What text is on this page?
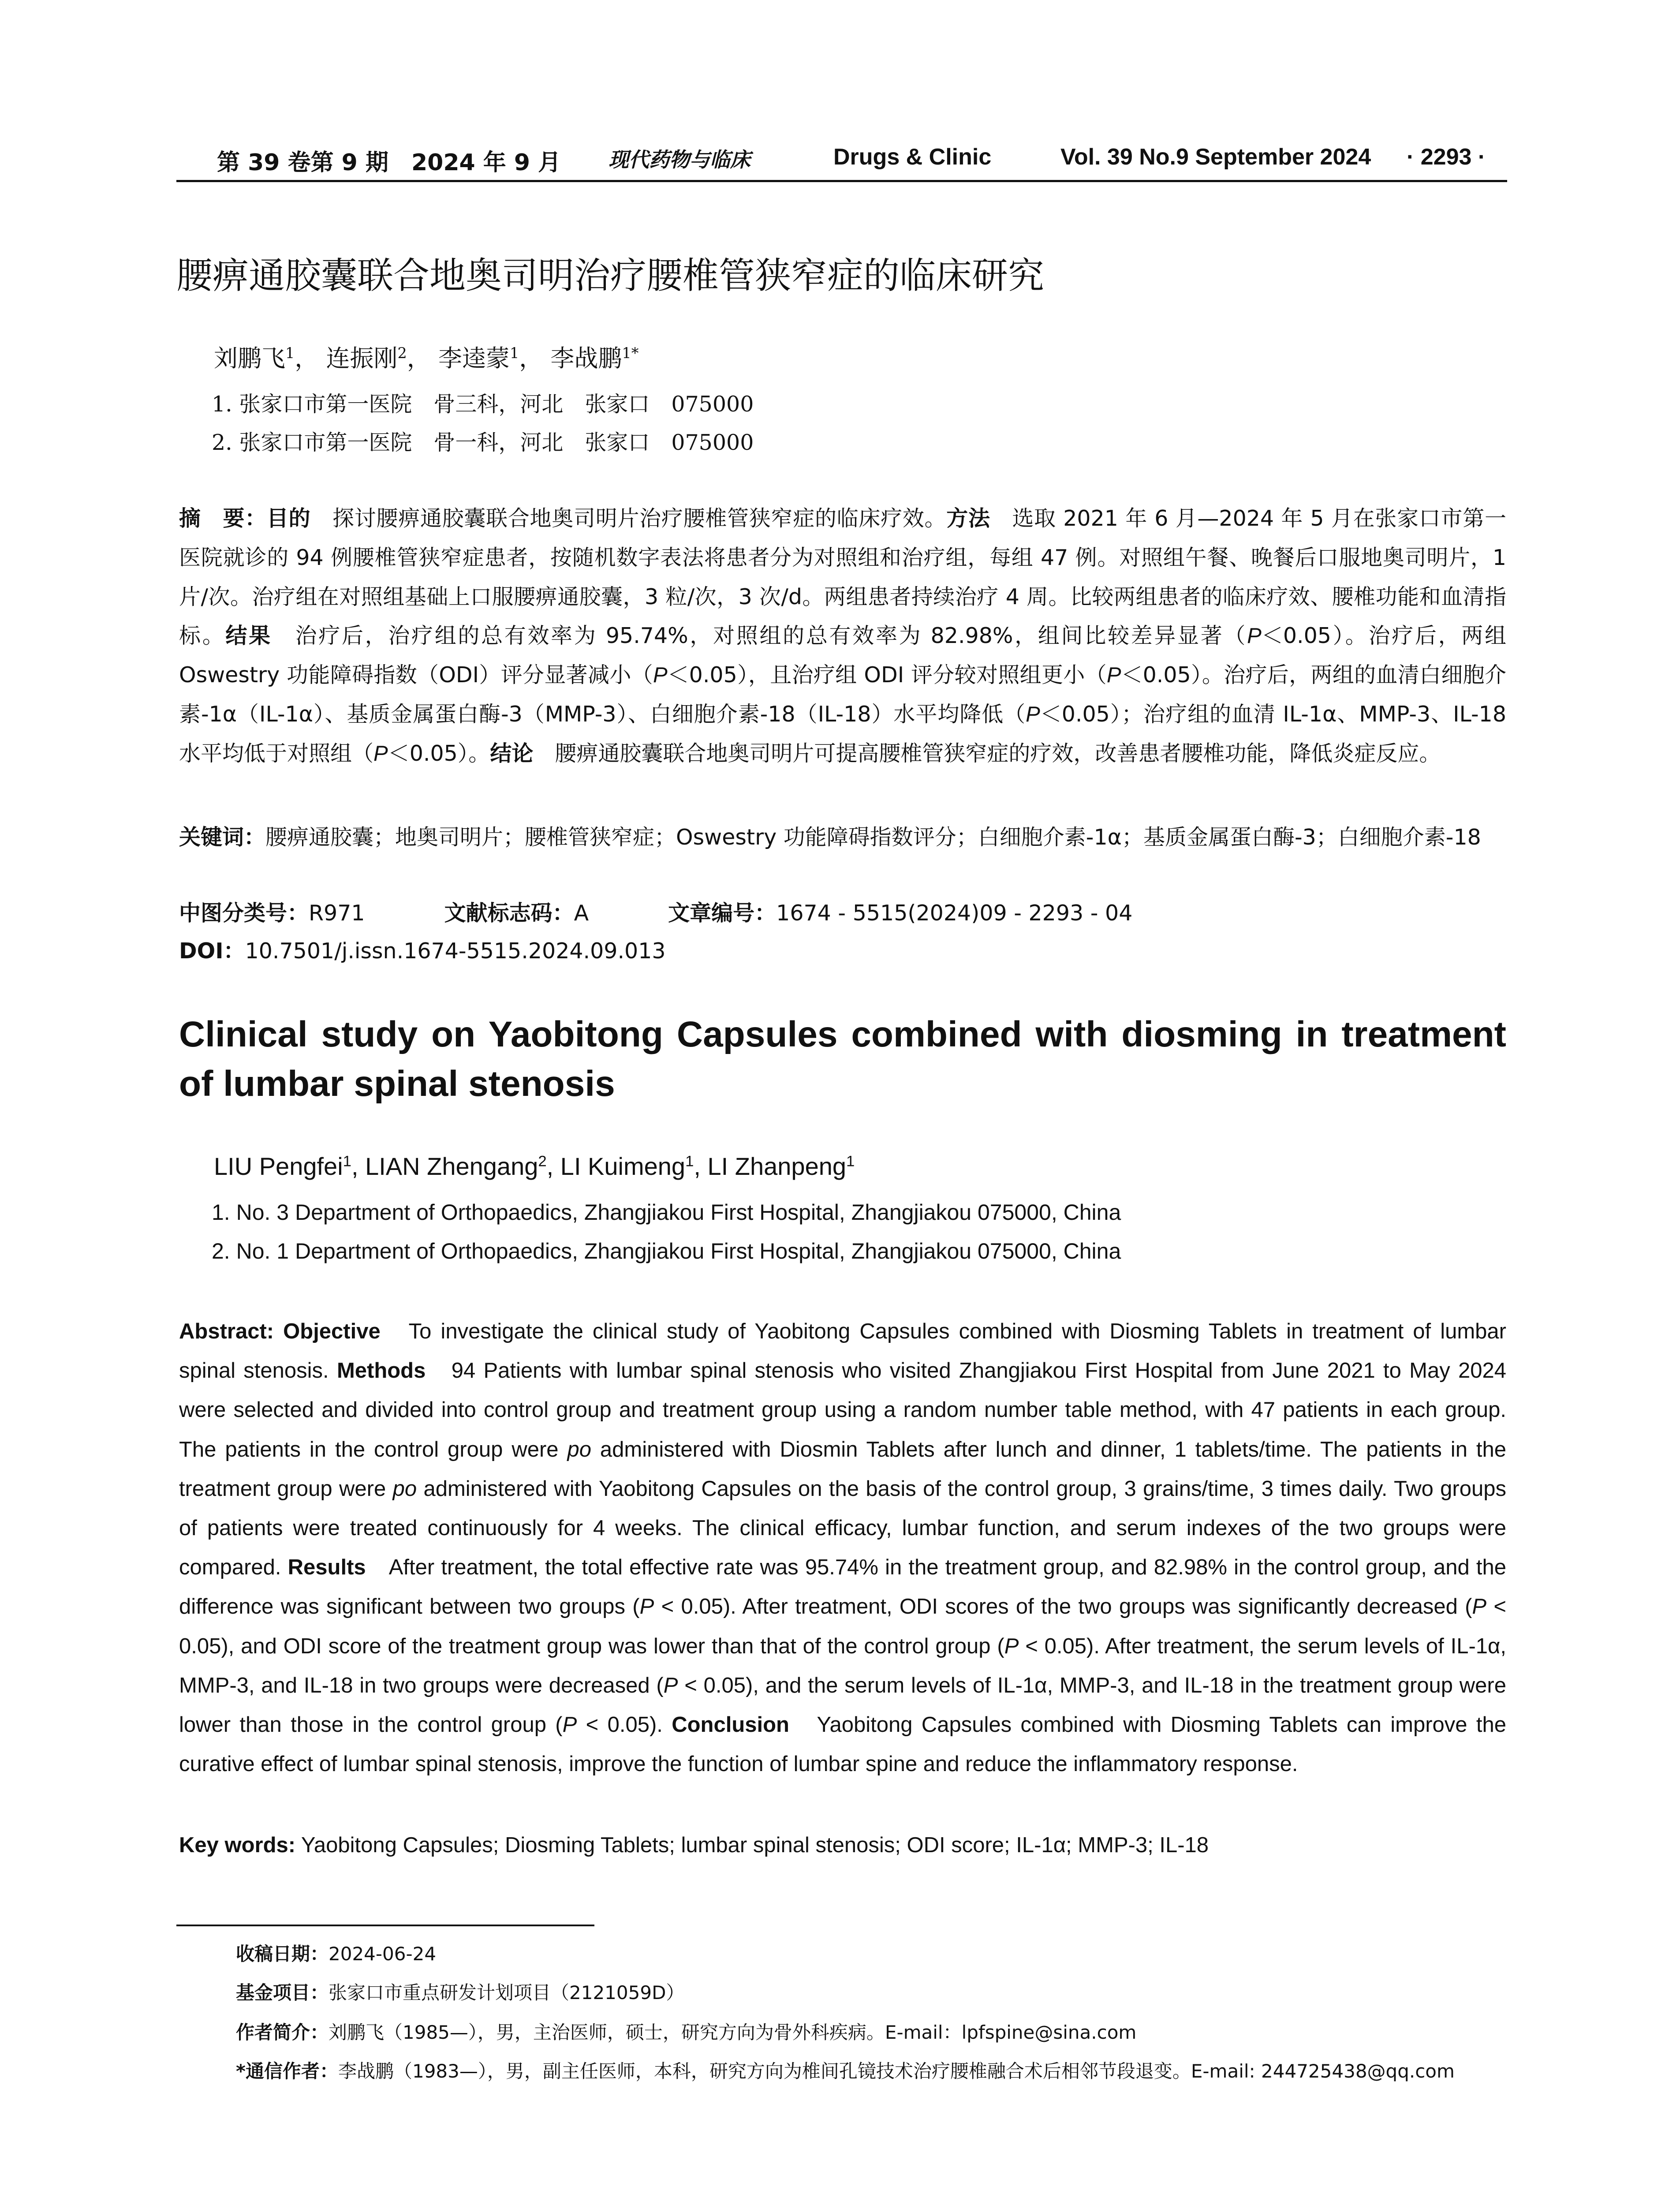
第 39 卷第 9 期　2024 年 9 月 现代药物与临床	Drugs & Clinic	Vol. 39 No.9 September 2024 · 2293 ·
腰痹通胶囊联合地奥司明治疗腰椎管狭窄症的临床研究
刘鹏飞$^1$， 连振刚$^2$， 李逵蒙$^1$， 李战鹏$^{1*}$
1. 张家口市第一医院　骨三科，河北　张家口　075000
2. 张家口市第一医院　骨一科，河北　张家口　075000

摘　要：目的　探讨腰痹通胶囊联合地奥司明片治疗腰椎管狭窄症的临床疗效。方法　选取 2021 年 6 月—2024 年 5 月在张家口市第一医院就诊的 94 例腰椎管狭窄症患者，按随机数字表法将患者分为对照组和治疗组，每组 47 例。对照组午餐、晚餐后口服地奥司明片，1 片/次。治疗组在对照组基础上口服腰痹通胶囊，3 粒/次，3 次/d。两组患者持续治疗 4 周。比较两组患者的临床疗效、腰椎功能和血清指标。结果　治疗后，治疗组的总有效率为 95.74%，对照组的总有效率为 82.98%，组间比较差异显著（P＜0.05）。治疗后，两组 Oswestry 功能障碍指数（ODI）评分显著减小（P＜0.05），且治疗组 ODI 评分较对照组更小（P＜0.05）。治疗后，两组的血清白细胞介素-1α（IL-1α）、基质金属蛋白酶-3（MMP-3）、白细胞介素-18（IL-18）水平均降低（P＜0.05）；治疗组的血清 IL-1α、MMP-3、IL-18 水平均低于对照组（P＜0.05）。结论　腰痹通胶囊联合地奥司明片可提高腰椎管狭窄症的疗效，改善患者腰椎功能，降低炎症反应。

关键词：腰痹通胶囊；地奥司明片；腰椎管狭窄症；Oswestry 功能障碍指数评分；白细胞介素-1α；基质金属蛋白酶-3；白细胞介素-18

中图分类号：R971	文献标志码：A	文章编号：1674 - 5515(2024)09 - 2293 - 04
DOI：10.7501/j.issn.1674-5515.2024.09.013
Clinical study on Yaobitong Capsules combined with diosming in treatment of lumbar spinal stenosis
LIU Pengfei$^1$, LIAN Zhengang$^2$, LI Kuimeng$^1$, LI Zhanpeng$^1$
1. No. 3 Department of Orthopaedics, Zhangjiakou First Hospital, Zhangjiakou 075000, China
2. No. 1 Department of Orthopaedics, Zhangjiakou First Hospital, Zhangjiakou 075000, China

Abstract: Objective　To investigate the clinical study of Yaobitong Capsules combined with Diosming Tablets in treatment of lumbar spinal stenosis. Methods　94 Patients with lumbar spinal stenosis who visited Zhangjiakou First Hospital from June 2021 to May 2024 were selected and divided into control group and treatment group using a random number table method, with 47 patients in each group. The patients in the control group were po administered with Diosmin Tablets after lunch and dinner, 1 tablets/time. The patients in the treatment group were po administered with Yaobitong Capsules on the basis of the control group, 3 grains/time, 3 times daily. Two groups of patients were treated continuously for 4 weeks. The clinical efficacy, lumbar function, and serum indexes of the two groups were compared. Results　After treatment, the total effective rate was 95.74% in the treatment group, and 82.98% in the control group, and the difference was significant between two groups (P < 0.05). After treatment, ODI scores of the two groups was significantly decreased (P < 0.05), and ODI score of the treatment group was lower than that of the control group (P < 0.05). After treatment, the serum levels of IL-1α, MMP-3, and IL-18 in two groups were decreased (P < 0.05), and the serum levels of IL-1α, MMP-3, and IL-18 in the treatment group were lower than those in the control group (P < 0.05). Conclusion　Yaobitong Capsules combined with Diosming Tablets can improve the curative effect of lumbar spinal stenosis, improve the function of lumbar spine and reduce the inflammatory response.

Key words: Yaobitong Capsules; Diosming Tablets; lumbar spinal stenosis; ODI score; IL-1α; MMP-3; IL-18

收稿日期：2024-06-24
基金项目：张家口市重点研发计划项目（2121059D）
作者简介：刘鹏飞（1985—），男，主治医师，硕士，研究方向为骨外科疾病。E-mail：lpfspine@sina.com
*通信作者：李战鹏（1983—），男，副主任医师，本科，研究方向为椎间孔镜技术治疗腰椎融合术后相邻节段退变。E-mail: 244725438@qq.com
